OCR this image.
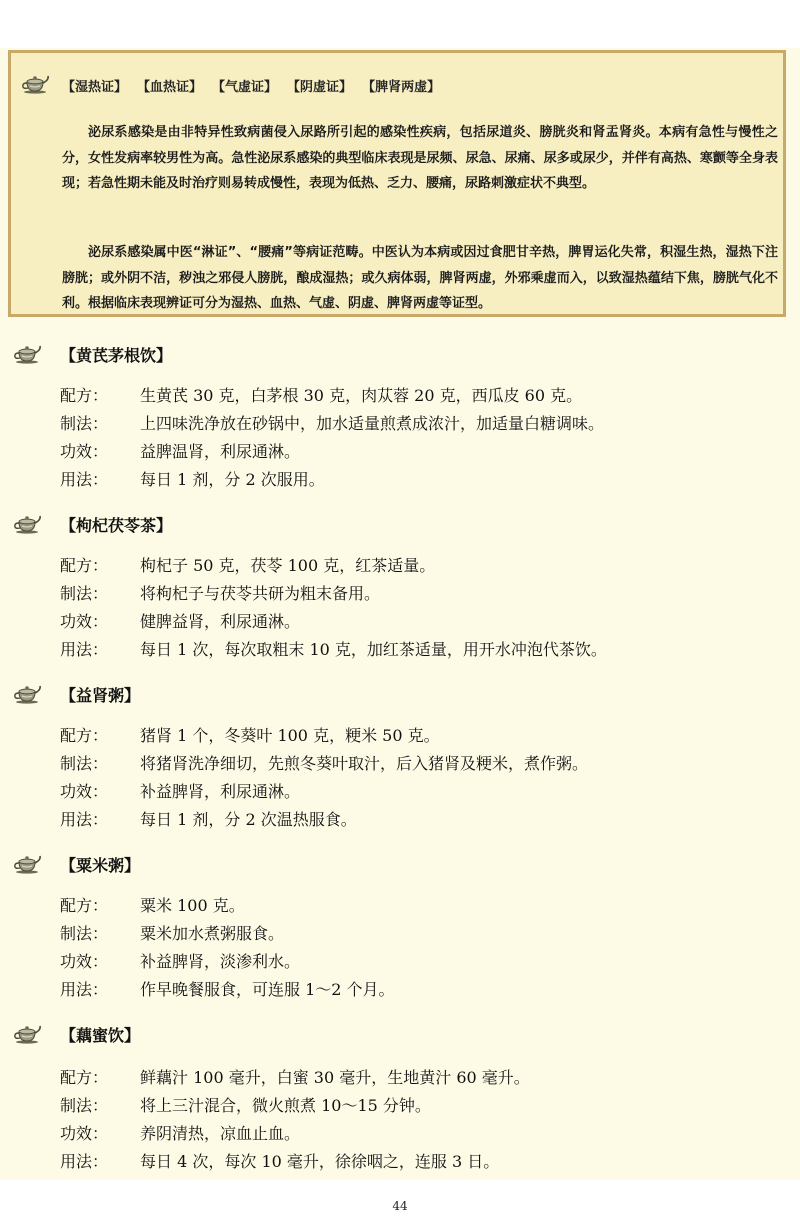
【湿热证】 【血热证】 【气虚证】 【阴虚证】 【脾肾两虚】
泌尿系感染是由非特异性致病菌侵入尿路所引起的感染性疾病，包括尿道炎、膀胱炎和肾盂肾炎。本病有急性与慢性之分，女性发病率较男性为高。急性泌尿系感染的典型临床表现是尿频、尿急、尿痛、尿多或尿少，并伴有高热、寒颤等全身表现；若急性期未能及时治疗则易转成慢性，表现为低热、乏力、腰痛，尿路刺激症状不典型。
泌尿系感染属中医“淋证”、“腰痛”等病证范畴。中医认为本病或因过食肥甘辛热，脾胃运化失常，积湿生热，湿热下注膀胱；或外阴不洁，秽浊之邪侵人膀胱，酿成湿热；或久病体弱，脾肾两虚，外邪乘虚而入，以致湿热蕴结下焦，膀胱气化不利。根据临床表现辨证可分为湿热、血热、气虚、阴虚、脾肾两虚等证型。
【黄芪茅根饮】
配方： 生黄芪 30 克，白茅根 30 克，肉苁蓉 20 克，西瓜皮 60 克。
制法： 上四味洗净放在砂锅中，加水适量煎煮成浓汁，加适量白糖调味。
功效： 益脾温肾，利尿通淋。
用法： 每日 1 剂，分 2 次服用。
【枸杞茯苓茶】
配方： 枸杞子 50 克，茯苓 100 克，红茶适量。
制法： 将枸杞子与茯苓共研为粗末备用。
功效： 健脾益肾，利尿通淋。
用法： 每日 1 次，每次取粗末 10 克，加红茶适量，用开水冲泡代茶饮。
【益肾粥】
配方： 猪肾 1 个，冬葵叶 100 克，粳米 50 克。
制法： 将猪肾洗净细切，先煎冬葵叶取汁，后入猪肾及粳米，煮作粥。
功效： 补益脾肾，利尿通淋。
用法： 每日 1 剂，分 2 次温热服食。
【粟米粥】
配方： 粟米 100 克。
制法： 粟米加水煮粥服食。
功效： 补益脾肾，淡渗利水。
用法： 作早晚餐服食，可连服 1～2 个月。
【藕蜜饮】
配方： 鲜藕汁 100 毫升，白蜜 30 毫升，生地黄汁 60 毫升。
制法： 将上三汁混合，微火煎煮 10～15 分钟。
功效： 养阴清热，凉血止血。
用法： 每日 4 次，每次 10 毫升，徐徐咽之，连服 3 日。
44
